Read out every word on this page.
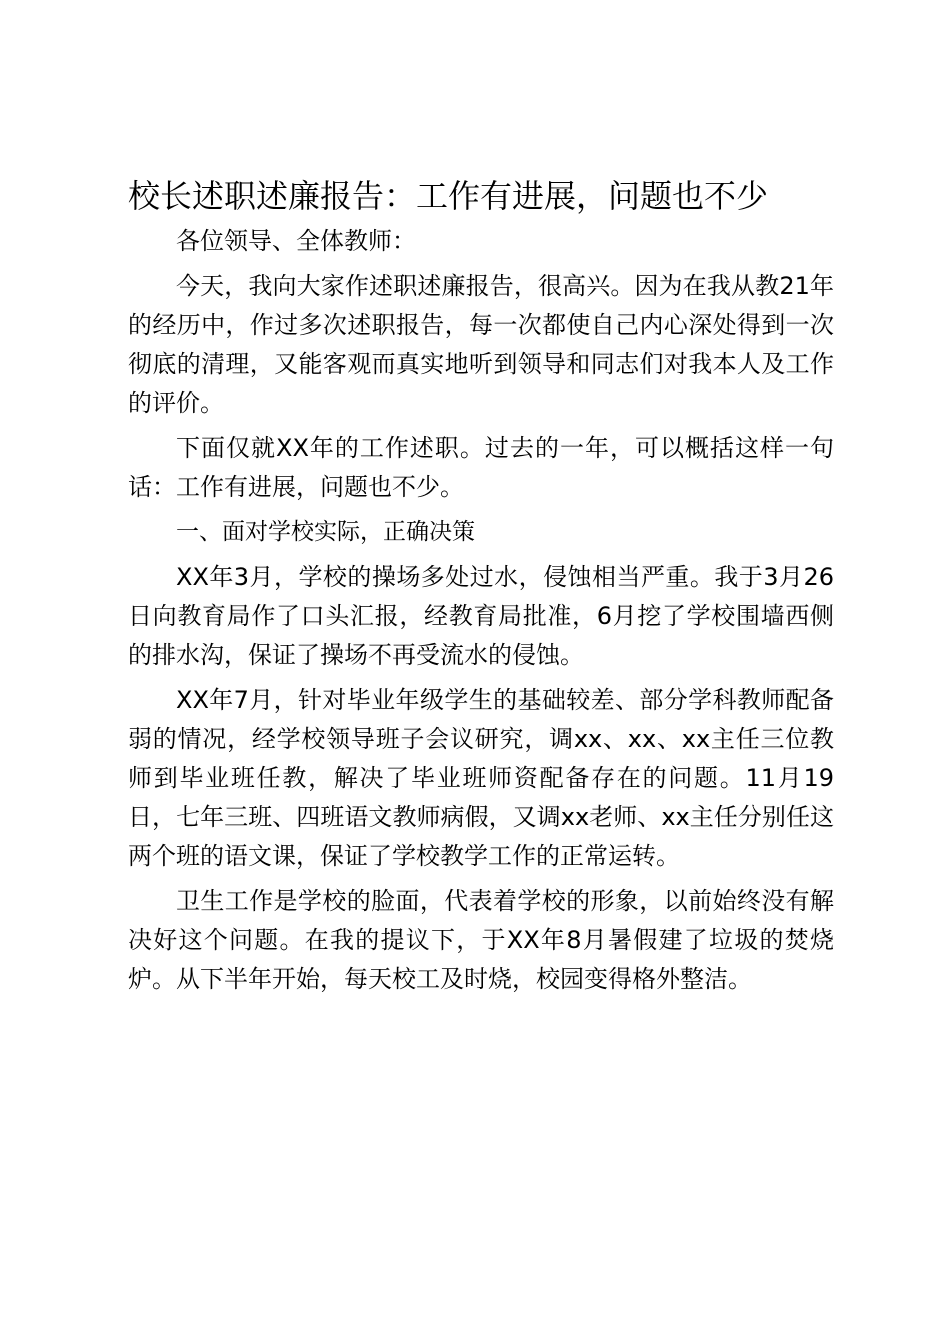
校长述职述廉报告：工作有进展，问题也不少

各位领导、全体教师：

今天，我向大家作述职述廉报告，很高兴。因为在我从教21年的经历中，作过多次述职报告，每一次都使自己内心深处得到一次彻底的清理，又能客观而真实地听到领导和同志们对我本人及工作的评价。

下面仅就XX年的工作述职。过去的一年，可以概括这样一句话：工作有进展，问题也不少。

一、面对学校实际，正确决策

XX年3月，学校的操场多处过水，侵蚀相当严重。我于3月26日向教育局作了口头汇报，经教育局批准，6月挖了学校围墙西侧的排水沟，保证了操场不再受流水的侵蚀。

XX年7月，针对毕业年级学生的基础较差、部分学科教师配备弱的情况，经学校领导班子会议研究，调xx、xx、xx主任三位教师到毕业班任教，解决了毕业班师资配备存在的问题。11月19日，七年三班、四班语文教师病假，又调xx老师、xx主任分别任这两个班的语文课，保证了学校教学工作的正常运转。

卫生工作是学校的脸面，代表着学校的形象，以前始终没有解决好这个问题。在我的提议下，于XX年8月暑假建了垃圾的焚烧炉。从下半年开始，每天校工及时烧，校园变得格外整洁。
